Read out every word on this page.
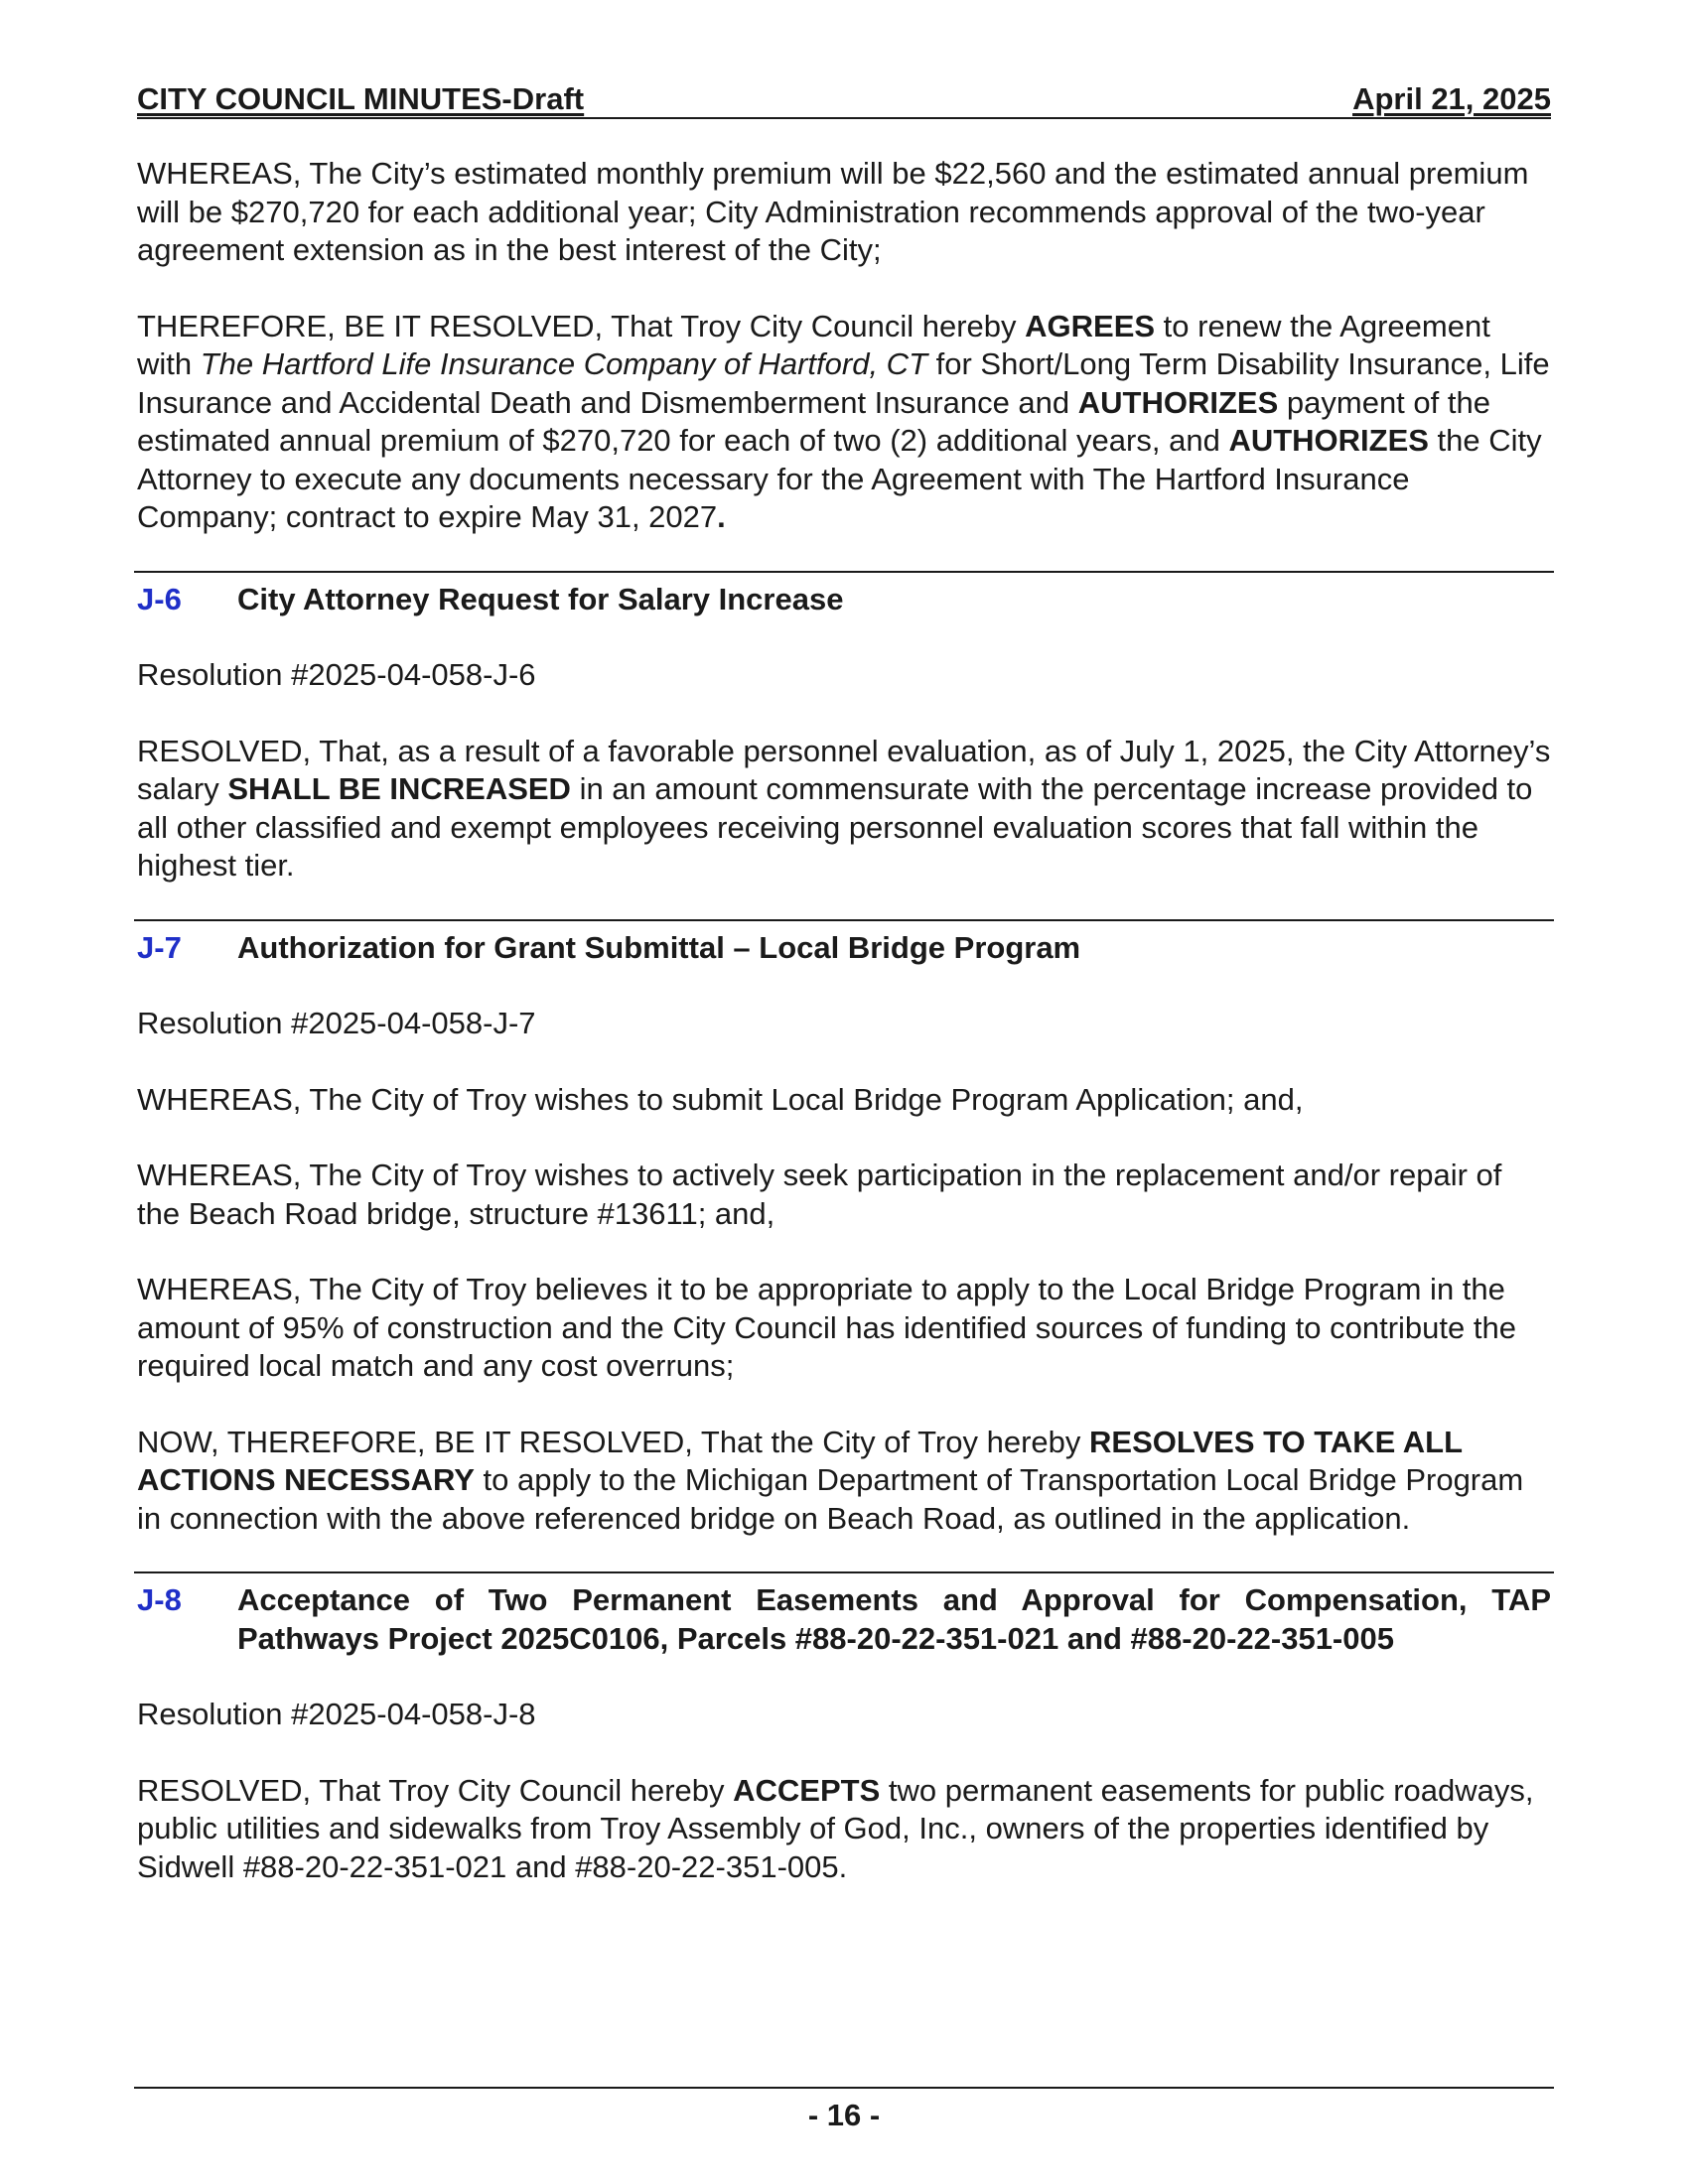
CITY COUNCIL MINUTES-Draft	April 21, 2025

WHEREAS, The City’s estimated monthly premium will be $22,560 and the estimated annual premium will be $270,720 for each additional year; City Administration recommends approval of the two-year agreement extension as in the best interest of the City;

THEREFORE, BE IT RESOLVED, That Troy City Council hereby AGREES to renew the Agreement with The Hartford Life Insurance Company of Hartford, CT for Short/Long Term Disability Insurance, Life Insurance and Accidental Death and Dismemberment Insurance and AUTHORIZES payment of the estimated annual premium of $270,720 for each of two (2) additional years, and AUTHORIZES the City Attorney to execute any documents necessary for the Agreement with The Hartford Insurance Company; contract to expire May 31, 2027.

J-6	City Attorney Request for Salary Increase

Resolution #2025-04-058-J-6

RESOLVED, That, as a result of a favorable personnel evaluation, as of July 1, 2025, the City Attorney’s salary SHALL BE INCREASED in an amount commensurate with the percentage increase provided to all other classified and exempt employees receiving personnel evaluation scores that fall within the highest tier.

J-7	Authorization for Grant Submittal – Local Bridge Program

Resolution #2025-04-058-J-7

WHEREAS, The City of Troy wishes to submit Local Bridge Program Application; and,

WHEREAS, The City of Troy wishes to actively seek participation in the replacement and/or repair of the Beach Road bridge, structure #13611; and,

WHEREAS, The City of Troy believes it to be appropriate to apply to the Local Bridge Program in the amount of 95% of construction and the City Council has identified sources of funding to contribute the required local match and any cost overruns;

NOW, THEREFORE, BE IT RESOLVED, That the City of Troy hereby RESOLVES TO TAKE ALL ACTIONS NECESSARY to apply to the Michigan Department of Transportation Local Bridge Program in connection with the above referenced bridge on Beach Road, as outlined in the application.

J-8	Acceptance of Two Permanent Easements and Approval for Compensation, TAP Pathways Project 2025C0106, Parcels #88-20-22-351-021 and #88-20-22-351-005

Resolution #2025-04-058-J-8

RESOLVED, That Troy City Council hereby ACCEPTS two permanent easements for public roadways, public utilities and sidewalks from Troy Assembly of God, Inc., owners of the properties identified by Sidwell #88-20-22-351-021 and #88-20-22-351-005.

- 16 -
